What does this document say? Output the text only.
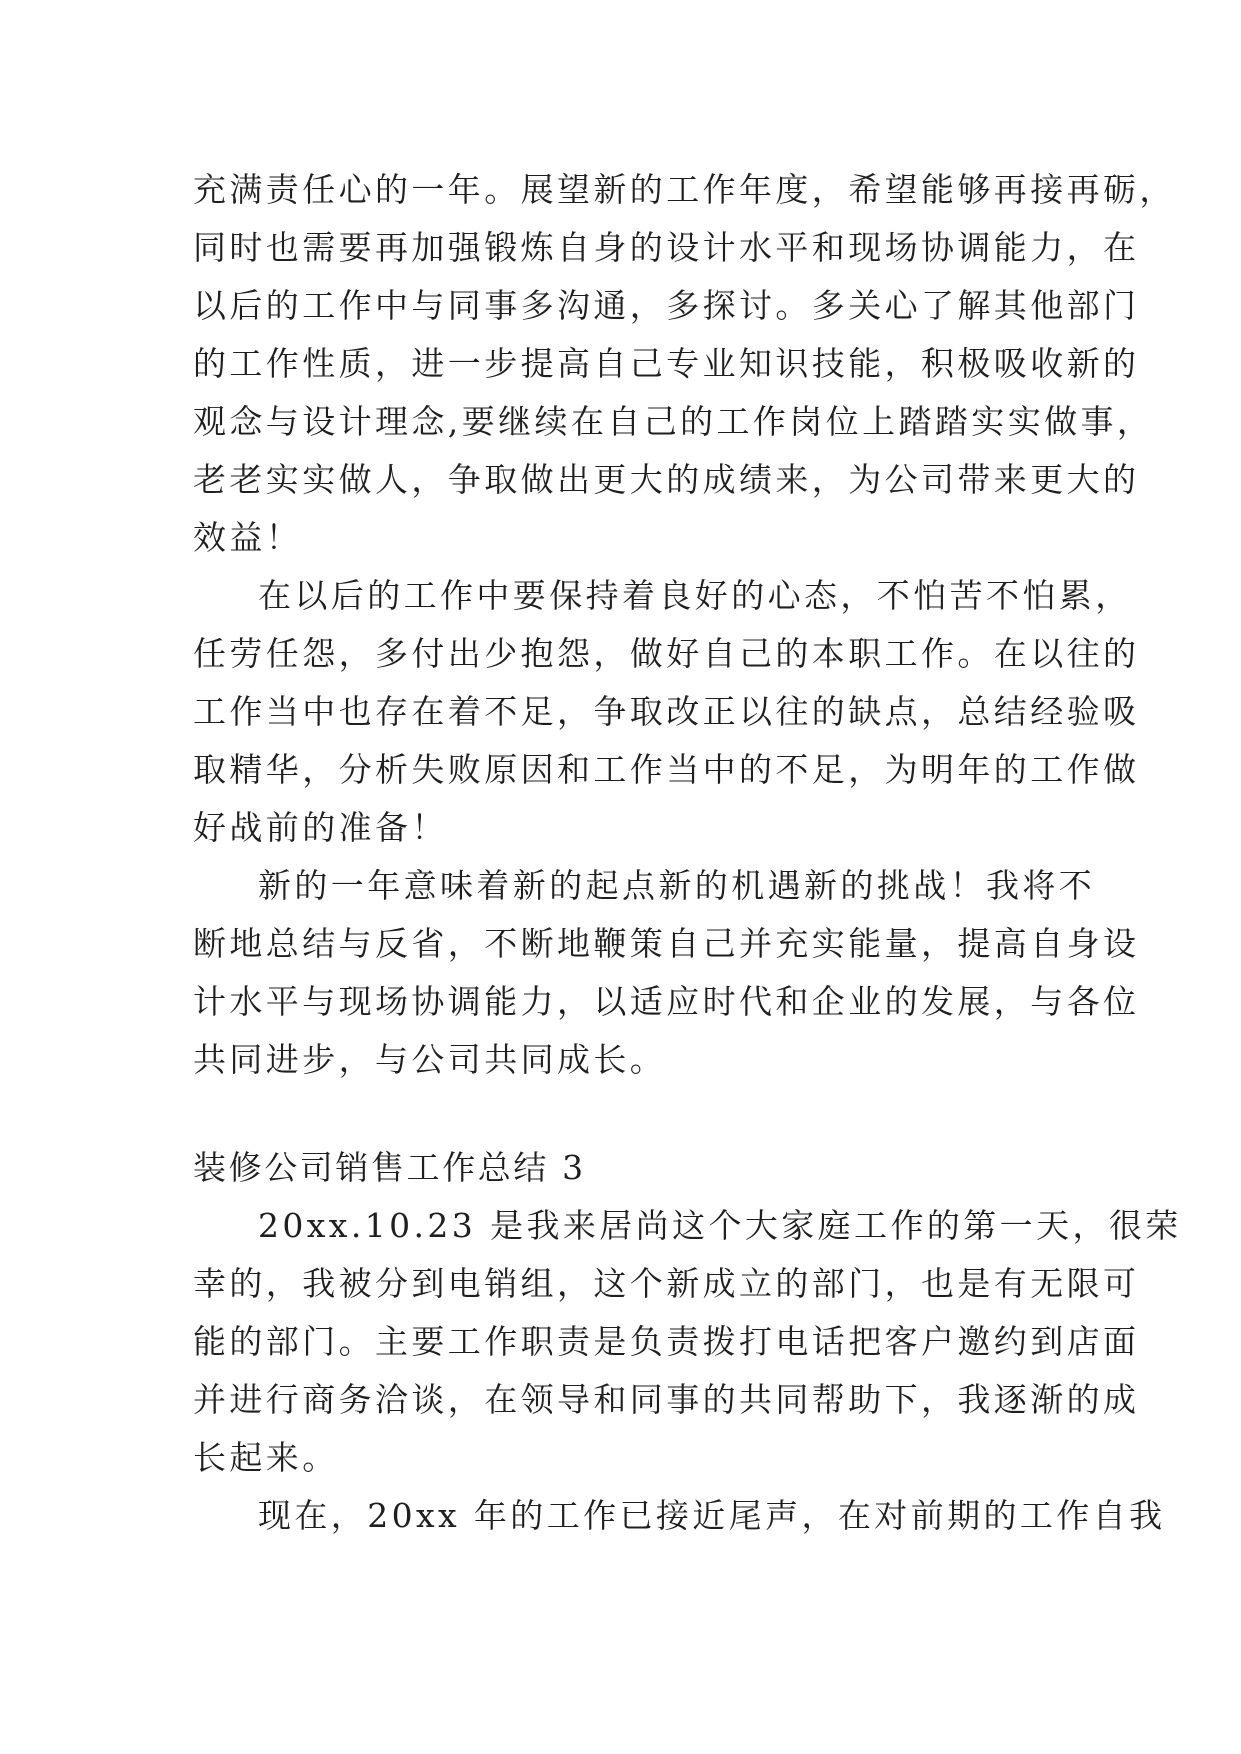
充满责任心的一年。展望新的工作年度，希望能够再接再砺，
同时也需要再加强锻炼自身的设计水平和现场协调能力，在
以后的工作中与同事多沟通，多探讨。多关心了解其他部门
的工作性质，进一步提高自己专业知识技能，积极吸收新的
观念与设计理念,要继续在自己的工作岗位上踏踏实实做事，
老老实实做人，争取做出更大的成绩来，为公司带来更大的
效益！
在以后的工作中要保持着良好的心态，不怕苦不怕累，
任劳任怨，多付出少抱怨，做好自己的本职工作。在以往的
工作当中也存在着不足，争取改正以往的缺点，总结经验吸
取精华，分析失败原因和工作当中的不足，为明年的工作做
好战前的准备！
新的一年意味着新的起点新的机遇新的挑战！我将不
断地总结与反省，不断地鞭策自己并充实能量，提高自身设
计水平与现场协调能力，以适应时代和企业的发展，与各位
共同进步，与公司共同成长。
装修公司销售工作总结 3
20xx.10.23 是我来居尚这个大家庭工作的第一天，很荣
幸的，我被分到电销组，这个新成立的部门，也是有无限可
能的部门。主要工作职责是负责拨打电话把客户邀约到店面
并进行商务洽谈，在领导和同事的共同帮助下，我逐渐的成
长起来。
现在，20xx 年的工作已接近尾声，在对前期的工作自我
